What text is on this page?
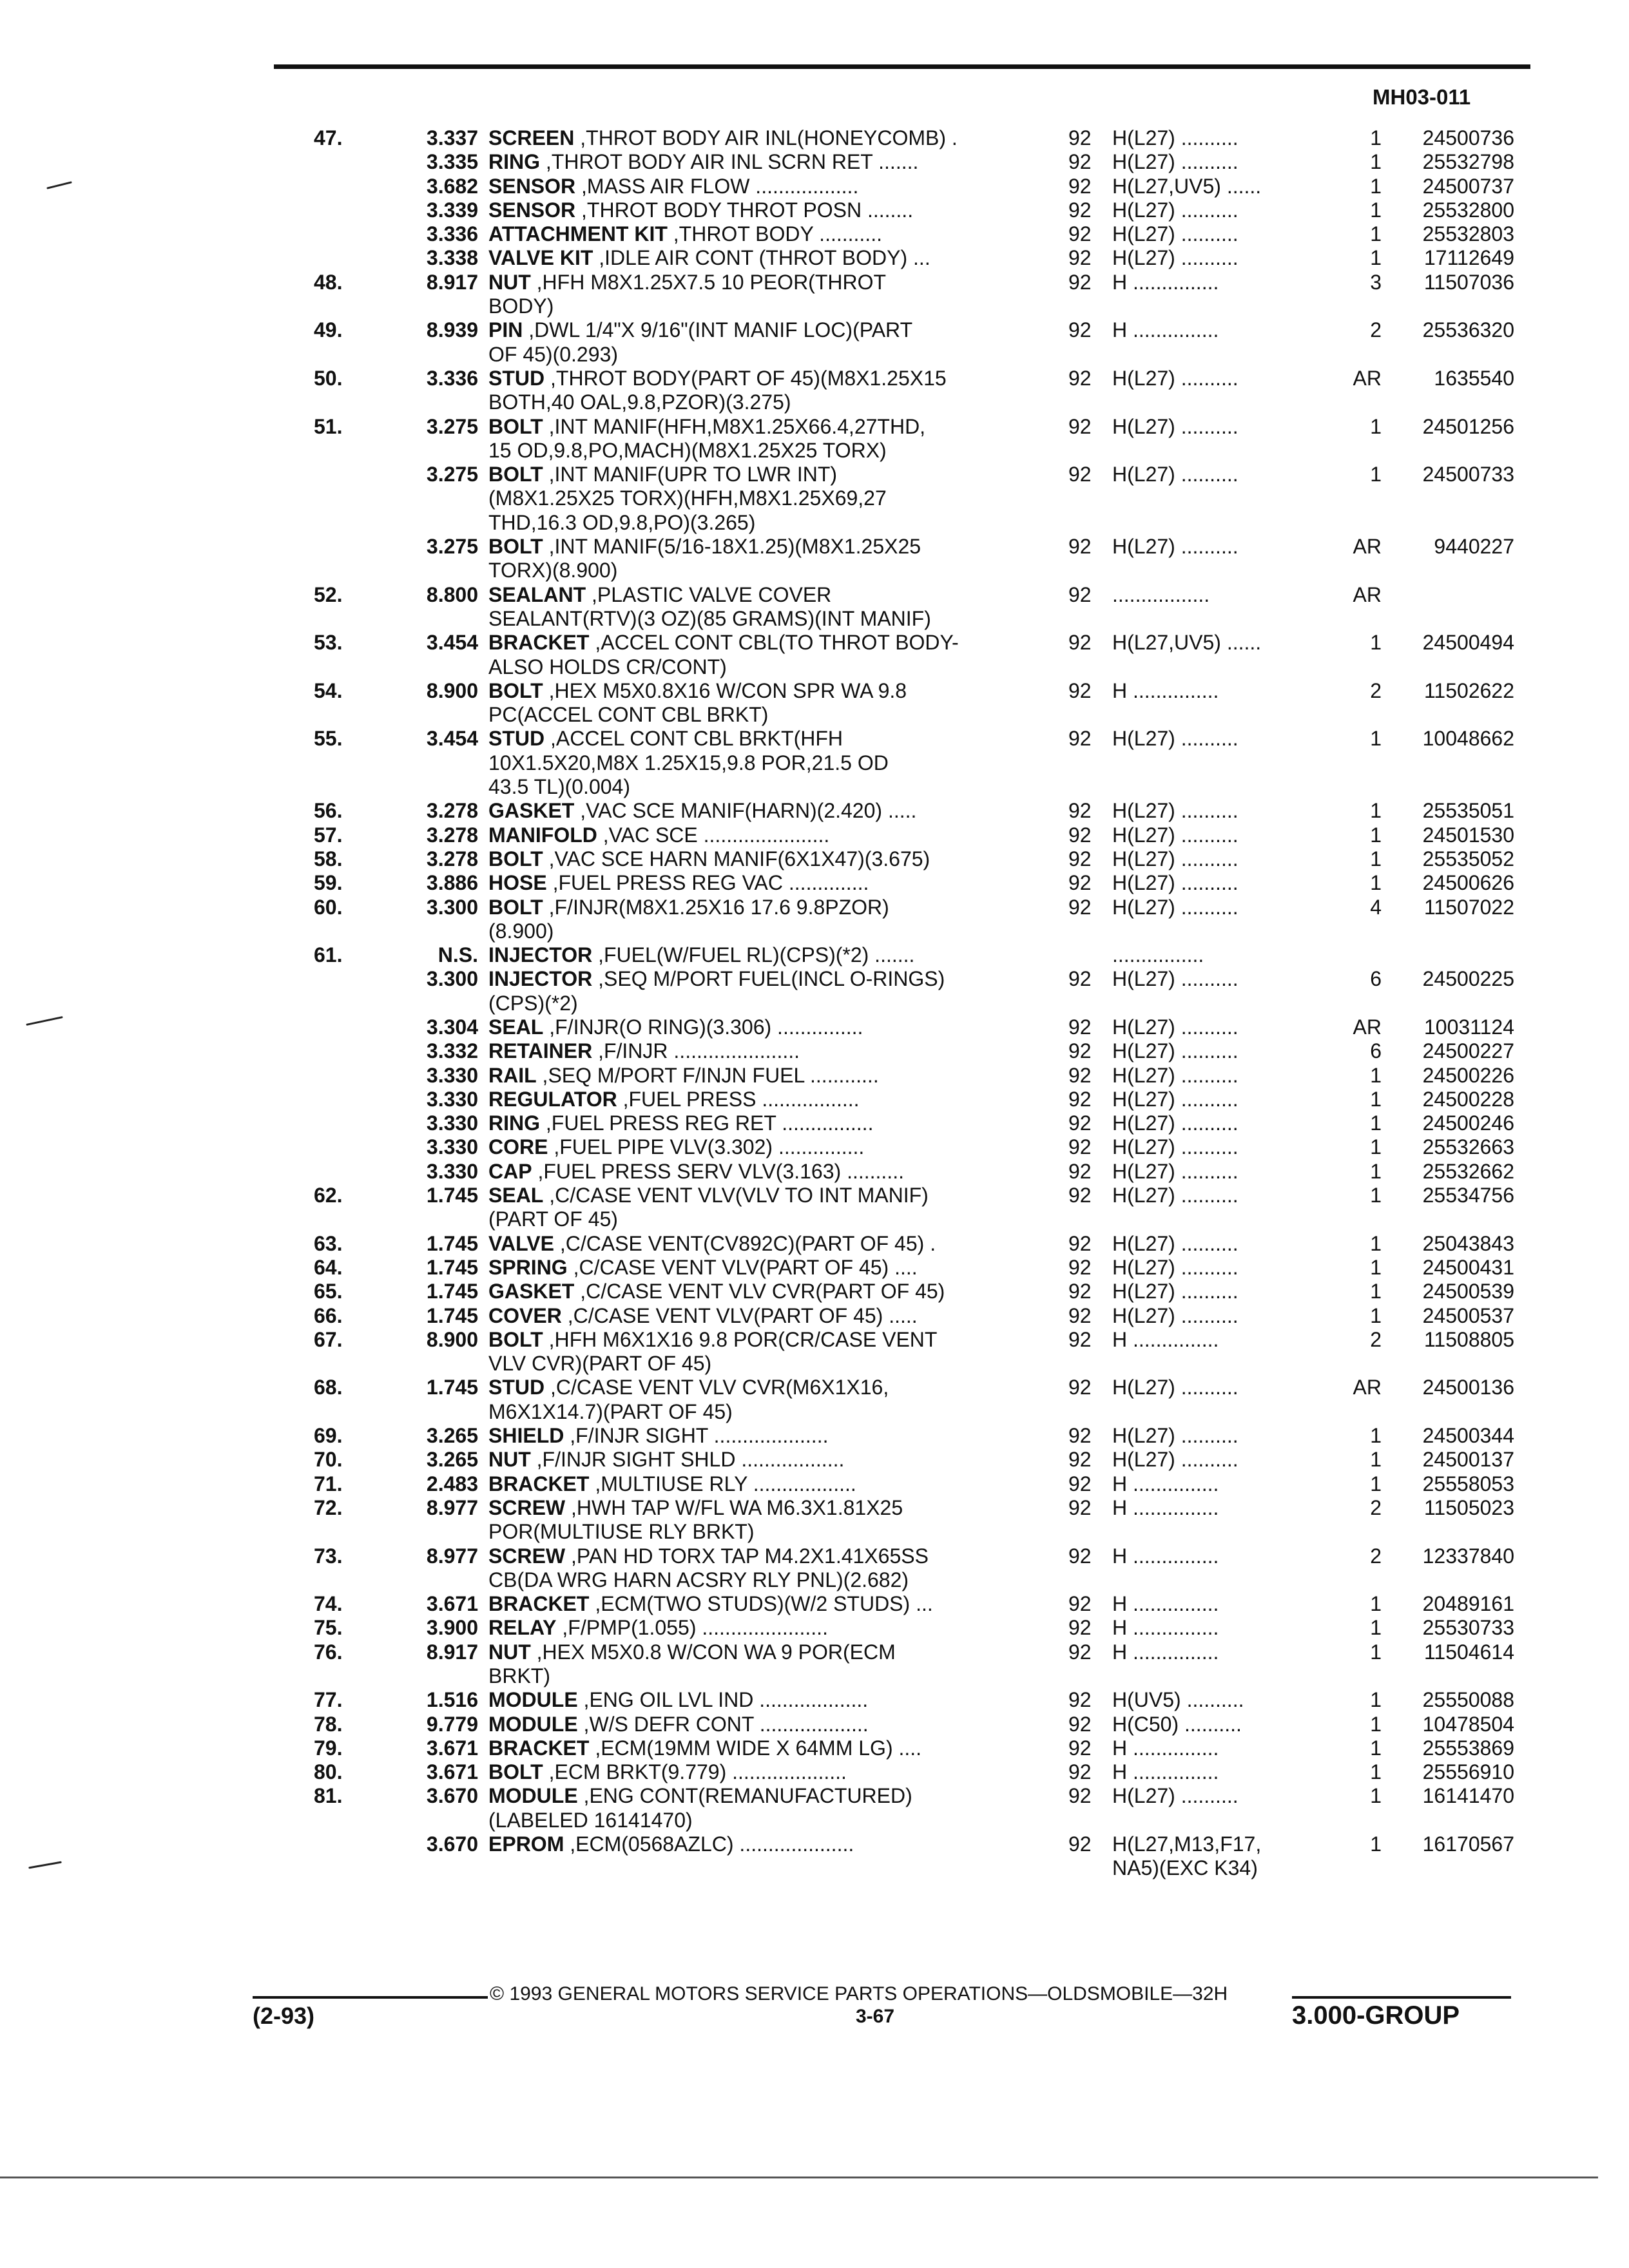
MH03-011
47.	3.337 SCREEN ,THROT BODY AIR INL(HONEYCOMB) .	92 H(L27) ..........	1	24500736
3.335 RING ,THROT BODY AIR INL SCRN RET .......	92 H(L27) ..........	1	25532798
3.682 SENSOR ,MASS AIR FLOW ..................	92 H(L27,UV5) ......	1	24500737
3.339 SENSOR ,THROT BODY THROT POSN ........	92 H(L27) ..........	1	25532800
3.336 ATTACHMENT KIT ,THROT BODY ...........	92 H(L27) ..........	1	25532803
3.338 VALVE KIT ,IDLE AIR CONT (THROT BODY) ...	92 H(L27) ..........	1	17112649
48.	8.917 NUT ,HFH M8X1.25X7.5 10 PEOR(THROT	92 H ...............	3	11507036
BODY)
49.	8.939 PIN ,DWL 1/4"X 9/16"(INT MANIF LOC)(PART	92 H ...............	2	25536320
OF 45)(0.293)
50.	3.336 STUD ,THROT BODY(PART OF 45)(M8X1.25X15	92 H(L27) ..........	AR	1635540
BOTH,40 OAL,9.8,PZOR)(3.275)
51.	3.275 BOLT ,INT MANIF(HFH,M8X1.25X66.4,27THD,	92 H(L27) ..........	1	24501256
15 OD,9.8,PO,MACH)(M8X1.25X25 TORX)
3.275 BOLT ,INT MANIF(UPR TO LWR INT)	92 H(L27) ..........	1	24500733
(M8X1.25X25 TORX)(HFH,M8X1.25X69,27
THD,16.3 OD,9.8,PO)(3.265)
3.275 BOLT ,INT MANIF(5/16-18X1.25)(M8X1.25X25	92 H(L27) ..........	AR	9440227
TORX)(8.900)
52.	8.800 SEALANT ,PLASTIC VALVE COVER	92 .................	AR
SEALANT(RTV)(3 OZ)(85 GRAMS)(INT MANIF)
53.	3.454 BRACKET ,ACCEL CONT CBL(TO THROT BODY-	92 H(L27,UV5) ......	1	24500494
ALSO HOLDS CR/CONT)
54.	8.900 BOLT ,HEX M5X0.8X16 W/CON SPR WA 9.8	92 H ...............	2	11502622
PC(ACCEL CONT CBL BRKT)
55.	3.454 STUD ,ACCEL CONT CBL BRKT(HFH	92 H(L27) ..........	1	10048662
10X1.5X20,M8X 1.25X15,9.8 POR,21.5 OD
43.5 TL)(0.004)
56.	3.278 GASKET ,VAC SCE MANIF(HARN)(2.420) .....	92 H(L27) ..........	1	25535051
57.	3.278 MANIFOLD ,VAC SCE ......................	92 H(L27) ..........	1	24501530
58.	3.278 BOLT ,VAC SCE HARN MANIF(6X1X47)(3.675)	92 H(L27) ..........	1	25535052
59.	3.886 HOSE ,FUEL PRESS REG VAC ..............	92 H(L27) ..........	1	24500626
60.	3.300 BOLT ,F/INJR(M8X1.25X16 17.6 9.8PZOR)	92 H(L27) ..........	4	11507022
(8.900)
61.	N.S. INJECTOR ,FUEL(W/FUEL RL)(CPS)(*2) .......	................
3.300 INJECTOR ,SEQ M/PORT FUEL(INCL O-RINGS)	92 H(L27) ..........	6	24500225
(CPS)(*2)
3.304 SEAL ,F/INJR(O RING)(3.306) ...............	92 H(L27) ..........	AR	10031124
3.332 RETAINER ,F/INJR ......................	92 H(L27) ..........	6	24500227
3.330 RAIL ,SEQ M/PORT F/INJN FUEL ............	92 H(L27) ..........	1	24500226
3.330 REGULATOR ,FUEL PRESS .................	92 H(L27) ..........	1	24500228
3.330 RING ,FUEL PRESS REG RET ................	92 H(L27) ..........	1	24500246
3.330 CORE ,FUEL PIPE VLV(3.302) ...............	92 H(L27) ..........	1	25532663
3.330 CAP ,FUEL PRESS SERV VLV(3.163) ..........	92 H(L27) ..........	1	25532662
62.	1.745 SEAL ,C/CASE VENT VLV(VLV TO INT MANIF)	92 H(L27) ..........	1	25534756
(PART OF 45)
63.	1.745 VALVE ,C/CASE VENT(CV892C)(PART OF 45) .	92 H(L27) ..........	1	25043843
64.	1.745 SPRING ,C/CASE VENT VLV(PART OF 45) ....	92 H(L27) ..........	1	24500431
65.	1.745 GASKET ,C/CASE VENT VLV CVR(PART OF 45)	92 H(L27) ..........	1	24500539
66.	1.745 COVER ,C/CASE VENT VLV(PART OF 45) .....	92 H(L27) ..........	1	24500537
67.	8.900 BOLT ,HFH M6X1X16 9.8 POR(CR/CASE VENT	92 H ...............	2	11508805
VLV CVR)(PART OF 45)
68.	1.745 STUD ,C/CASE VENT VLV CVR(M6X1X16,	92 H(L27) ..........	AR	24500136
M6X1X14.7)(PART OF 45)
69.	3.265 SHIELD ,F/INJR SIGHT ....................	92 H(L27) ..........	1	24500344
70.	3.265 NUT ,F/INJR SIGHT SHLD ..................	92 H(L27) ..........	1	24500137
71.	2.483 BRACKET ,MULTIUSE RLY ..................	92 H ...............	1	25558053
72.	8.977 SCREW ,HWH TAP W/FL WA M6.3X1.81X25	92 H ...............	2	11505023
POR(MULTIUSE RLY BRKT)
73.	8.977 SCREW ,PAN HD TORX TAP M4.2X1.41X65SS	92 H ...............	2	12337840
CB(DA WRG HARN ACSRY RLY PNL)(2.682)
74.	3.671 BRACKET ,ECM(TWO STUDS)(W/2 STUDS) ...	92 H ...............	1	20489161
75.	3.900 RELAY ,F/PMP(1.055) ......................	92 H ...............	1	25530733
76.	8.917 NUT ,HEX M5X0.8 W/CON WA 9 POR(ECM	92 H ...............	1	11504614
BRKT)
77.	1.516 MODULE ,ENG OIL LVL IND ...................	92 H(UV5) ..........	1	25550088
78.	9.779 MODULE ,W/S DEFR CONT ...................	92 H(C50) ..........	1	10478504
79.	3.671 BRACKET ,ECM(19MM WIDE X 64MM LG) ....	92 H ...............	1	25553869
80.	3.671 BOLT ,ECM BRKT(9.779) ....................	92 H ...............	1	25556910
81.	3.670 MODULE ,ENG CONT(REMANUFACTURED)	92 H(L27) ..........	1	16141470
(LABELED 16141470)
3.670 EPROM ,ECM(0568AZLC) ....................	92 H(L27,M13,F17,	1	16170567
NA5)(EXC K34)
© 1993 GENERAL MOTORS SERVICE PARTS OPERATIONS—OLDSMOBILE—32H
(2-93)	3-67	3.000-GROUP
